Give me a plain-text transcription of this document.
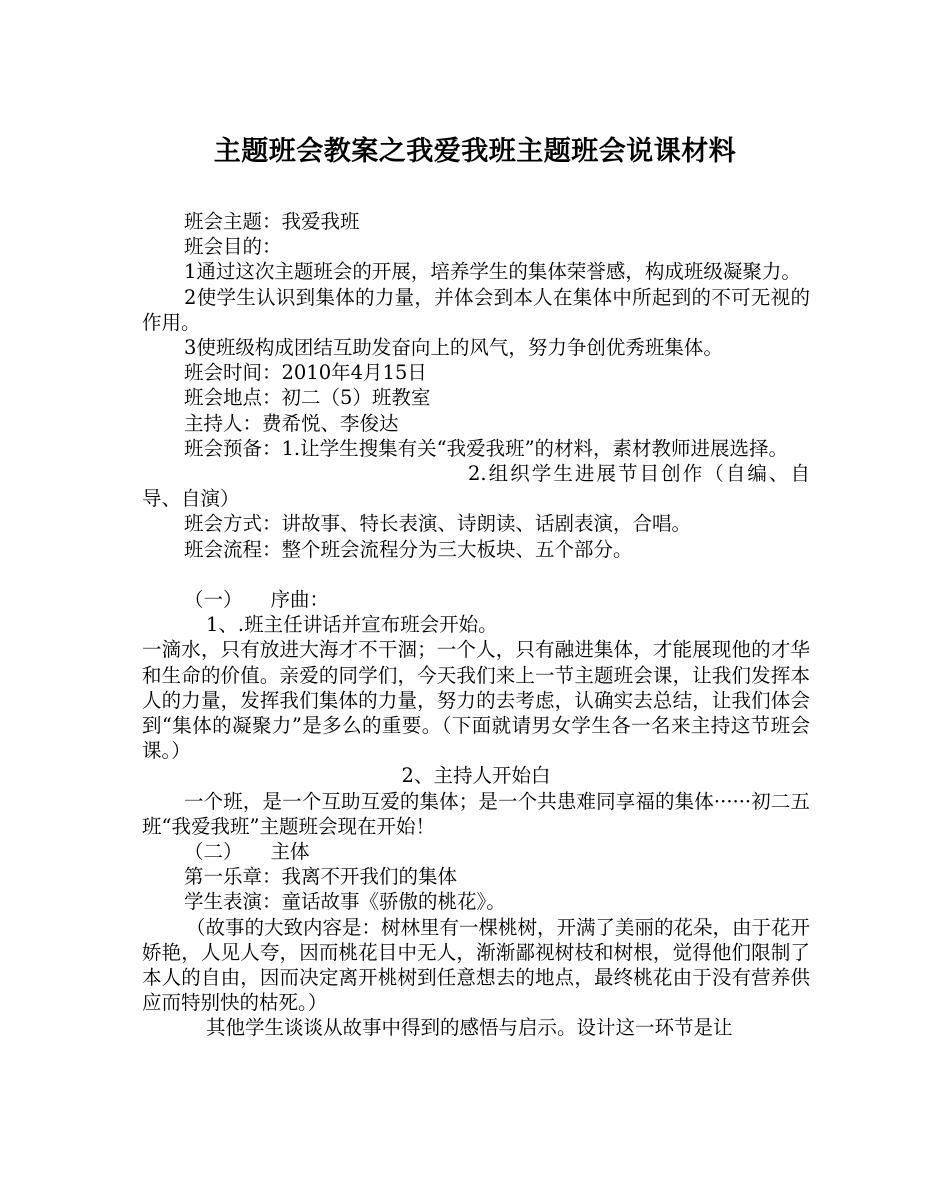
主题班会教案之我爱我班主题班会说课材料

班会主题：我爱我班

班会目的：

1通过这次主题班会的开展，培养学生的集体荣誉感，构成班级凝聚力。

2使学生认识到集体的力量，并体会到本人在集体中所起到的不可无视的作用。

3使班级构成团结互助发奋向上的风气，努力争创优秀班集体。

班会时间：2010年4月15日

班会地点：初二（5）班教室

主持人：费希悦、李俊达

班会预备：1.让学生搜集有关“我爱我班”的材料，素材教师进展选择。

2.组织学生进展节目创作（自编、自导、自演）

班会方式：讲故事、特长表演、诗朗读、话剧表演，合唱。

班会流程：整个班会流程分为三大板块、五个部分。

（一） 序曲：

1、.班主任讲话并宣布班会开始。

一滴水，只有放进大海才不干涸；一个人，只有融进集体，才能展现他的才华和生命的价值。亲爱的同学们，今天我们来上一节主题班会课，让我们发挥本人的力量，发挥我们集体的力量，努力的去考虑，认确实去总结，让我们体会到“集体的凝聚力”是多么的重要。（下面就请男女学生各一名来主持这节班会课。）

2、主持人开始白

一个班，是一个互助互爱的集体；是一个共患难同享福的集体······初二五班“我爱我班”主题班会现在开始！

（二） 主体

第一乐章：我离不开我们的集体

学生表演：童话故事《骄傲的桃花》。

（故事的大致内容是：树林里有一棵桃树，开满了美丽的花朵，由于花开娇艳，人见人夸，因而桃花目中无人，渐渐鄙视树枝和树根，觉得他们限制了本人的自由，因而决定离开桃树到任意想去的地点，最终桃花由于没有营养供应而特别快的枯死。）

其他学生谈谈从故事中得到的感悟与启示。设计这一环节是让
